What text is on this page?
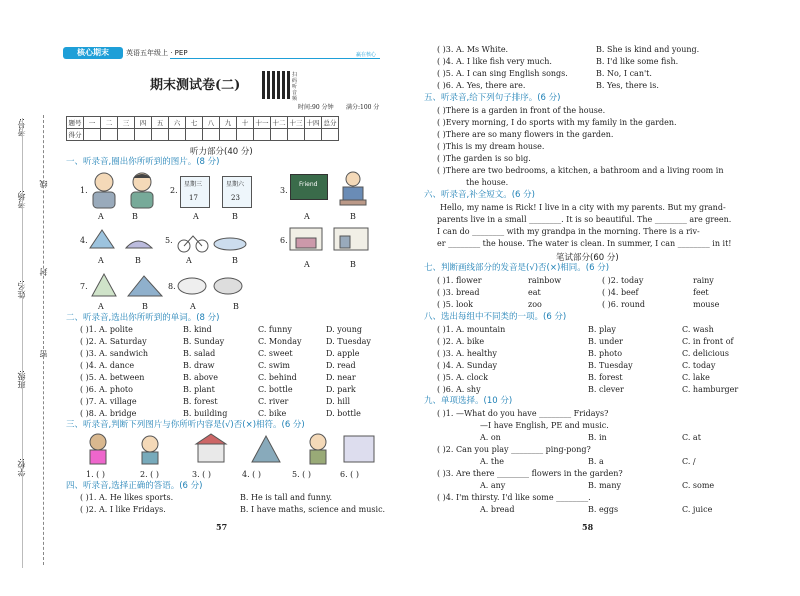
线
封
密
核心期末	英语五年级上 · PEP	赢在核心
期末测试卷(二)
扫码听音频
时间:90 分钟 满分:100 分
题号	一	二	三	四	五	六	七	八	九	十	十一	十二	十三	十四	总分
得分															
听力部分(40 分)
一、听录音,圈出你所听到的图片。(8 分)
1.
A	B
2.
星期三
17
星期六
23
A	B
3.
Friend
A	B
4.
A	B
5.
A	B
6.
A	B
7.
A	B
8.
A	B
二、听录音,选出你所听到的单词。(8 分)
( )1. A. polite	B. kind	C. funny	D. young
( )2. A. Saturday	B. Sunday	C. Monday	D. Tuesday
( )3. A. sandwich	B. salad	C. sweet	D. apple
( )4. A. dance	B. draw	C. swim	D. read
( )5. A. between	B. above	C. behind	D. near
( )6. A. photo	B. plant	C. bottle	D. park
( )7. A. village	B. forest	C. river	D. hill
( )8. A. bridge	B. building	C. bike	D. bottle
三、听录音,判断下列图片与你所听内容是(√)否(×)相符。(6 分)
1. ( )	2. ( )	3. ( )	4. ( )	5. ( )	6. ( )
四、听录音,选择正确的答语。(6 分)
( )1. A. He likes sports.	B. He is tall and funny.
( )2. A. I like Fridays.	B. I have maths, science and music.
57
( )3. A. Ms White.	B. She is kind and young.
( )4. A. I like fish very much.	B. I'd like some fish.
( )5. A. I can sing English songs.	B. No, I can't.
( )6. A. Yes, there are.	B. Yes, there is.
五、听录音,给下列句子排序。(6 分)
( )There is a garden in front of the house.
( )Every morning, I do sports with my family in the garden.
( )There are so many flowers in the garden.
( )This is my dream house.
( )The garden is so big.
( )There are two bedrooms, a kitchen, a bathroom and a living room in
the house.
六、听录音,补全短文。(6 分)
Hello, my name is Rick! I live in a city with my parents. But my grand-
parents live in a small ________. It is so beautiful. The ________ are green.
I can do ________ with my grandpa in the morning. There is a riv-
er ________ the house. The water is clean. In summer, I can ________ in it!
笔试部分(60 分)
七、判断画线部分的发音是(√)否(×)相同。(6 分)
( )1. flower	rainbow	( )2. today	rainy
( )3. bread	eat	( )4. beef	feet
( )5. look	zoo	( )6. round	mouse
八、选出每组中不同类的一项。(6 分)
( )1. A. mountain	B. play	C. wash
( )2. A. bike	B. under	C. in front of
( )3. A. healthy	B. photo	C. delicious
( )4. A. Sunday	B. Tuesday	C. today
( )5. A. clock	B. forest	C. lake
( )6. A. shy	B. clever	C. hamburger
九、单项选择。(10 分)
( )1. —What do you have ________ Fridays?
—I have English, PE and music.
A. on	B. in	C. at
( )2. Can you play ________ ping-pong?
A. the	B. a	C. /
( )3. Are there ________ flowers in the garden?
A. any	B. many	C. some
( )4. I'm thirsty. I'd like some ________.
A. bread	B. eggs	C. juice
58
